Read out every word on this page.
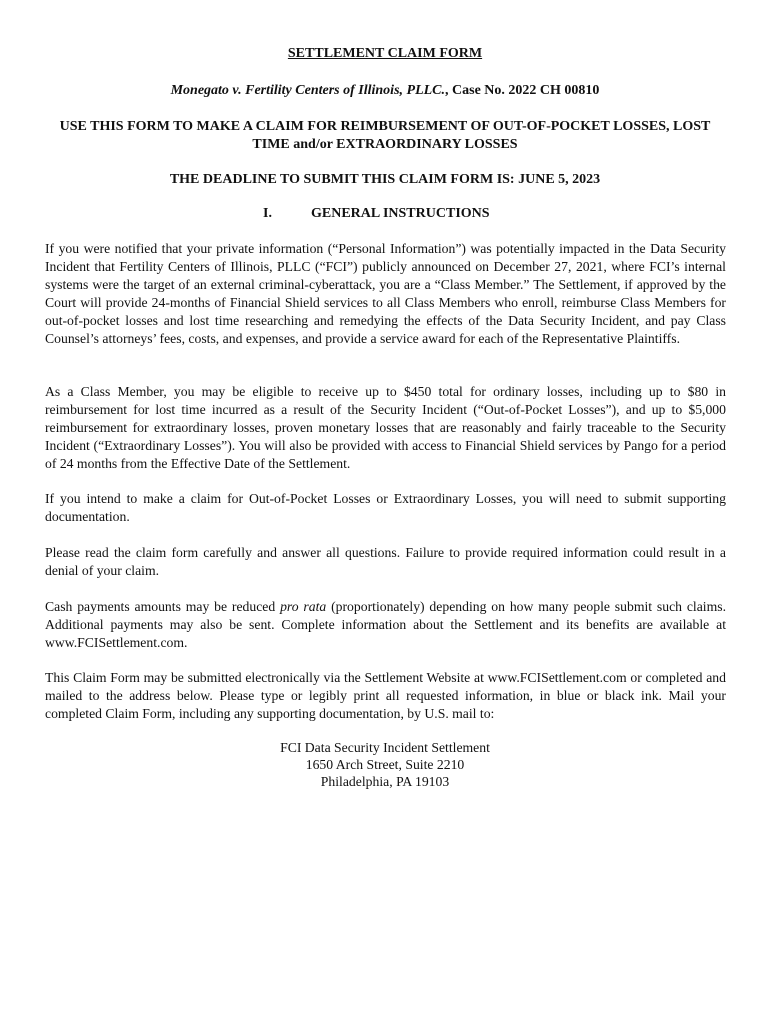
SETTLEMENT CLAIM FORM
Monegato v. Fertility Centers of Illinois, PLLC., Case No. 2022 CH 00810
USE THIS FORM TO MAKE A CLAIM FOR REIMBURSEMENT OF OUT-OF-POCKET LOSSES, LOST TIME and/or EXTRAORDINARY LOSSES
THE DEADLINE TO SUBMIT THIS CLAIM FORM IS: JUNE 5, 2023
I.	GENERAL INSTRUCTIONS

If you were notified that your private information (“Personal Information”) was potentially impacted in the Data Security Incident that Fertility Centers of Illinois, PLLC (“FCI”) publicly announced on December 27, 2021, where FCI’s internal systems were the target of an external criminal-cyberattack, you are a “Class Member.” The Settlement, if approved by the Court will provide 24-months of Financial Shield services to all Class Members who enroll, reimburse Class Members for out-of-pocket losses and lost time researching and remedying the effects of the Data Security Incident, and pay Class Counsel’s attorneys’ fees, costs, and expenses, and provide a service award for each of the Representative Plaintiffs.

As a Class Member, you may be eligible to receive up to $450 total for ordinary losses, including up to $80 in reimbursement for lost time incurred as a result of the Security Incident (“Out-of-Pocket Losses”), and up to $5,000 reimbursement for extraordinary losses, proven monetary losses that are reasonably and fairly traceable to the Security Incident (“Extraordinary Losses”). You will also be provided with access to Financial Shield services by Pango for a period of 24 months from the Effective Date of the Settlement.

If you intend to make a claim for Out-of-Pocket Losses or Extraordinary Losses, you will need to submit supporting documentation.

Please read the claim form carefully and answer all questions. Failure to provide required information could result in a denial of your claim.

Cash payments amounts may be reduced pro rata (proportionately) depending on how many people submit such claims. Additional payments may also be sent. Complete information about the Settlement and its benefits are available at www.FCISettlement.com.

This Claim Form may be submitted electronically via the Settlement Website at www.FCISettlement.com or completed and mailed to the address below. Please type or legibly print all requested information, in blue or black ink. Mail your completed Claim Form, including any supporting documentation, by U.S. mail to:

FCI Data Security Incident Settlement
1650 Arch Street, Suite 2210
Philadelphia, PA 19103
